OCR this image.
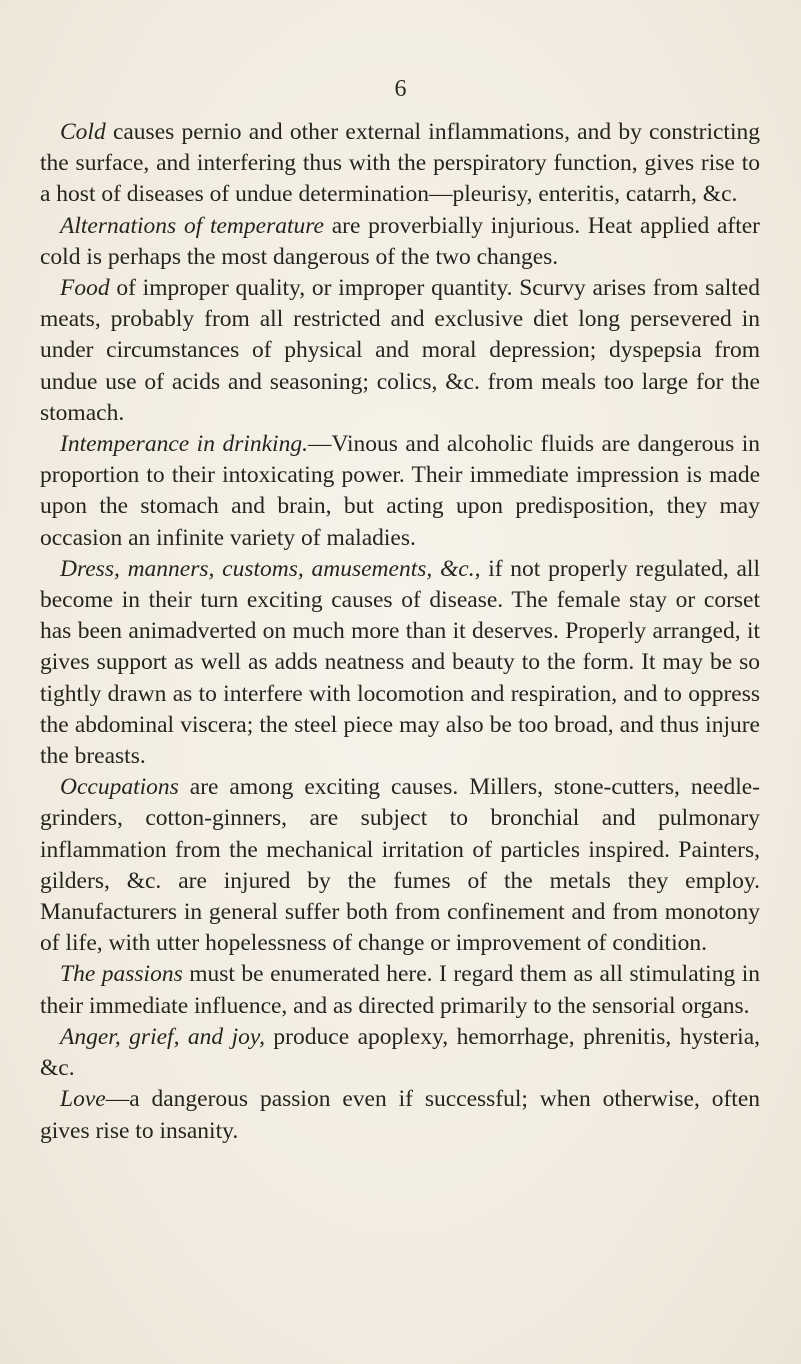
6

Cold causes pernio and other external inflammations, and by constricting the surface, and interfering thus with the perspiratory function, gives rise to a host of diseases of undue determination—pleurisy, enteritis, catarrh, &c.

Alternations of temperature are proverbially injurious. Heat applied after cold is perhaps the most dangerous of the two changes.

Food of improper quality, or improper quantity. Scurvy arises from salted meats, probably from all restricted and exclusive diet long persevered in under circumstances of physical and moral depression; dyspepsia from undue use of acids and seasoning; colics, &c. from meals too large for the stomach.

Intemperance in drinking.—Vinous and alcoholic fluids are dangerous in proportion to their intoxicating power. Their immediate impression is made upon the stomach and brain, but acting upon predisposition, they may occasion an infinite variety of maladies.

Dress, manners, customs, amusements, &c., if not properly regulated, all become in their turn exciting causes of disease. The female stay or corset has been animadverted on much more than it deserves. Properly arranged, it gives support as well as adds neatness and beauty to the form. It may be so tightly drawn as to interfere with locomotion and respiration, and to oppress the abdominal viscera; the steel piece may also be too broad, and thus injure the breasts.

Occupations are among exciting causes. Millers, stone-cutters, needle-grinders, cotton-ginners, are subject to bronchial and pulmonary inflammation from the mechanical irritation of particles inspired. Painters, gilders, &c. are injured by the fumes of the metals they employ. Manufacturers in general suffer both from confinement and from monotony of life, with utter hopelessness of change or improvement of condition.

The passions must be enumerated here. I regard them as all stimulating in their immediate influence, and as directed primarily to the sensorial organs.

Anger, grief, and joy, produce apoplexy, hemorrhage, phrenitis, hysteria, &c.

Love—a dangerous passion even if successful; when otherwise, often gives rise to insanity.
